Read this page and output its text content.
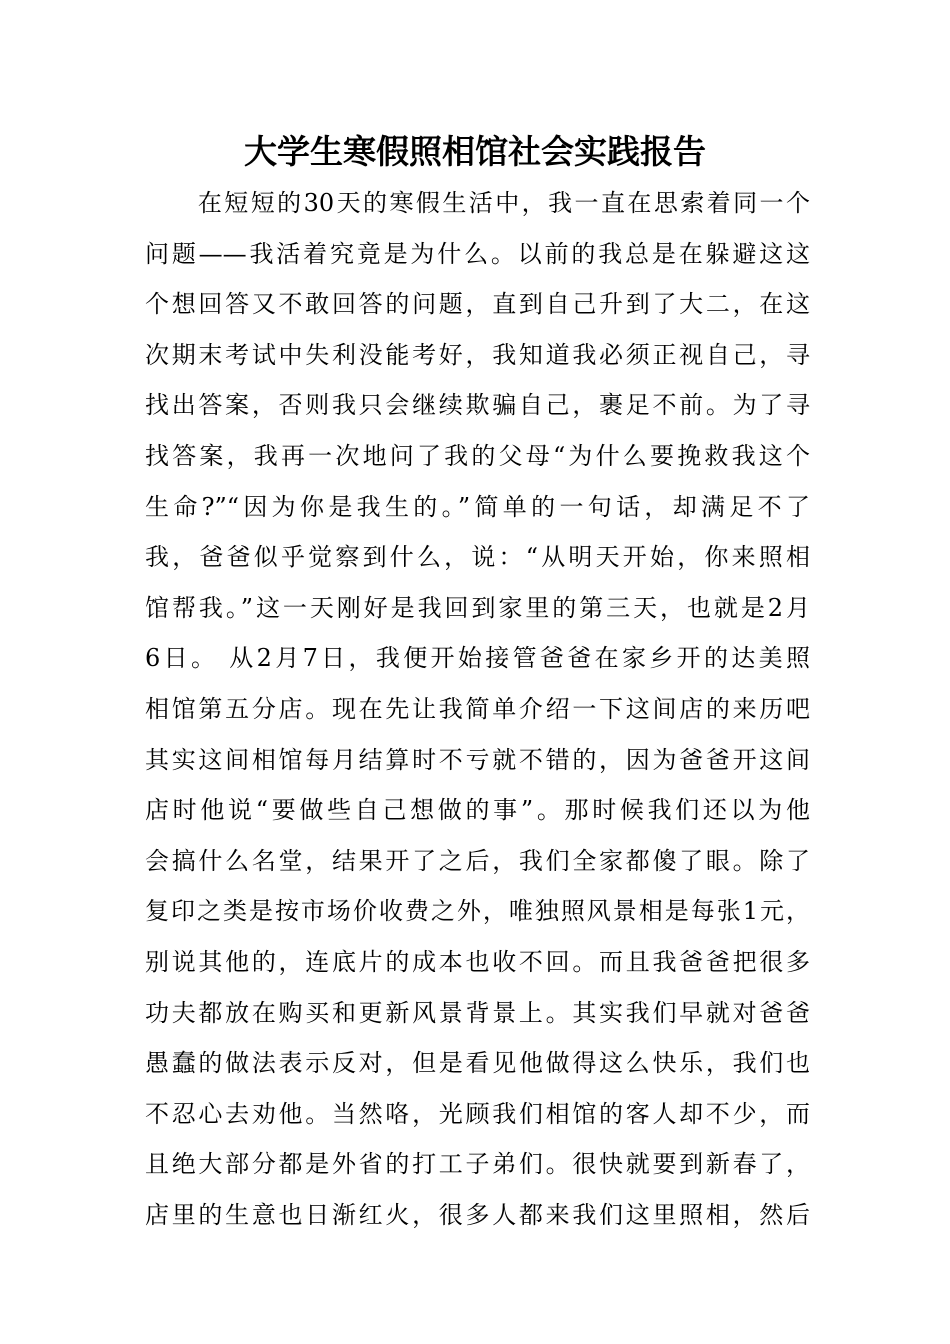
大学生寒假照相馆社会实践报告
　　在短短的30天的寒假生活中，我一直在思索着同一个
问题——我活着究竟是为什么。以前的我总是在躲避这这
个想回答又不敢回答的问题，直到自己升到了大二，在这
次期末考试中失利没能考好，我知道我必须正视自己，寻
找出答案，否则我只会继续欺骗自己，裹足不前。为了寻
找答案，我再一次地问了我的父母“为什么要挽救我这个
生命?”“因为你是我生的。”简单的一句话，却满足不了
我，爸爸似乎觉察到什么，说：“从明天开始，你来照相
馆帮我。”这一天刚好是我回到家里的第三天，也就是2月
6日。 从2月7日，我便开始接管爸爸在家乡开的达美照
相馆第五分店。现在先让我简单介绍一下这间店的来历吧
其实这间相馆每月结算时不亏就不错的，因为爸爸开这间
店时他说“要做些自己想做的事”。那时候我们还以为他
会搞什么名堂，结果开了之后，我们全家都傻了眼。除了
复印之类是按市场价收费之外，唯独照风景相是每张1元，
别说其他的，连底片的成本也收不回。而且我爸爸把很多
功夫都放在购买和更新风景背景上。其实我们早就对爸爸
愚蠢的做法表示反对，但是看见他做得这么快乐，我们也
不忍心去劝他。当然咯，光顾我们相馆的客人却不少，而
且绝大部分都是外省的打工子弟们。很快就要到新春了，
店里的生意也日渐红火，很多人都来我们这里照相，然后
